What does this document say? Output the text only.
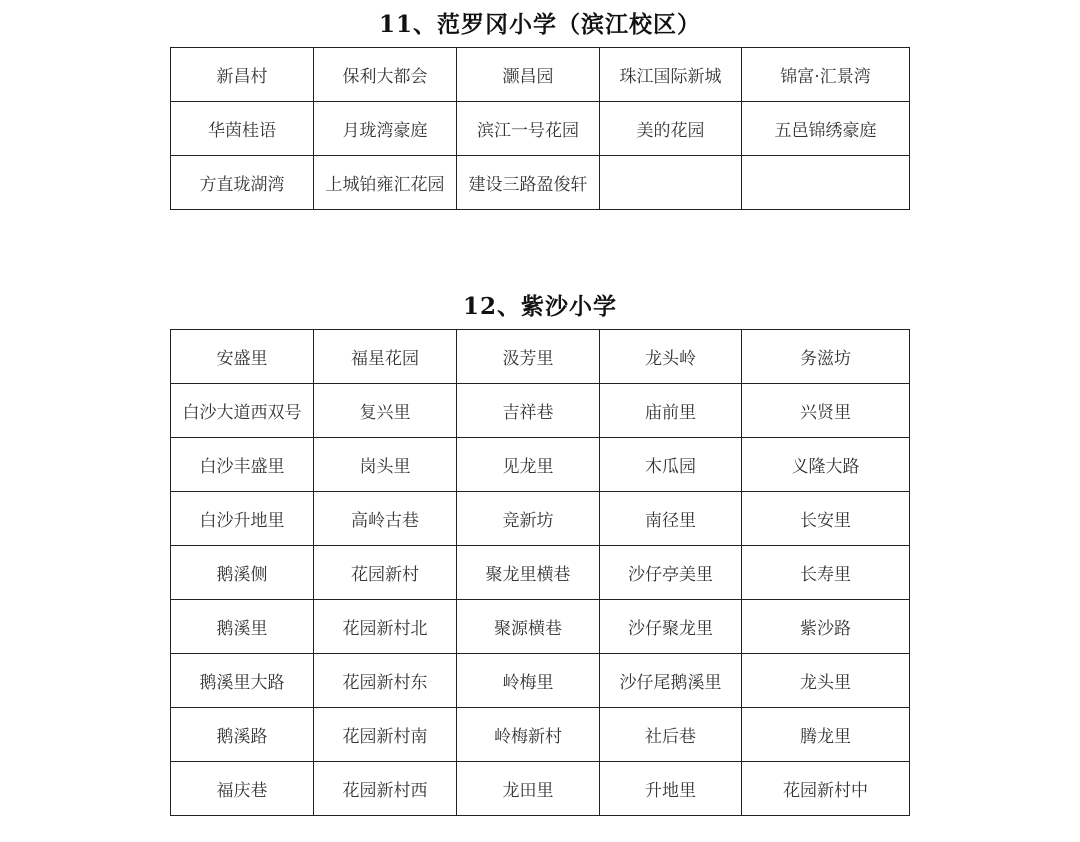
11、范罗冈小学（滨江校区）
新昌村	保利大都会	灏昌园	珠江国际新城	锦富·汇景湾
华茵桂语	月珑湾豪庭	滨江一号花园	美的花园	五邑锦绣豪庭
方直珑湖湾	上城铂雍汇花园	建设三路盈俊轩		
12、紫沙小学
安盛里	福星花园	汲芳里	龙头岭	务滋坊
白沙大道西双号	复兴里	吉祥巷	庙前里	兴贤里
白沙丰盛里	岗头里	见龙里	木瓜园	义隆大路
白沙升地里	高岭古巷	竞新坊	南径里	长安里
鹅溪侧	花园新村	聚龙里横巷	沙仔亭美里	长寿里
鹅溪里	花园新村北	聚源横巷	沙仔聚龙里	紫沙路
鹅溪里大路	花园新村东	岭梅里	沙仔尾鹅溪里	龙头里
鹅溪路	花园新村南	岭梅新村	社后巷	腾龙里
福庆巷	花园新村西	龙田里	升地里	花园新村中
